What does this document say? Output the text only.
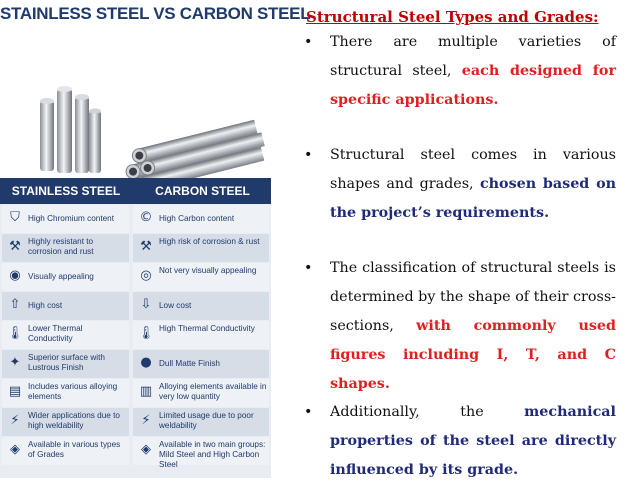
STAINLESS STEEL VS CARBON STEEL
STAINLESS STEEL	CARBON STEEL
⛉ High Chromium content	© High Carbon content
⚒ Highly resistant to corrosion and rust	⚒ High risk of corrosion & rust
◉ Visually appealing	◎ Not very visually appealing
⇧ High cost	⇩ Low cost
🌡 Lower Thermal Conductivity	🌡 High Thermal Conductivity
✦ Superior surface with Lustrous Finish	● Dull Matte Finish
▤ Includes various alloying elements	▥ Alloying elements available in very low quantity
⚡	Wider applications due to high weldability	⚡	Limited usage due to poor weldability
◈ Available in various types of Grades	◈ Available in two main groups: Mild Steel and High Carbon Steel
Structural Steel Types and Grades:
•	There are multiple varieties of structural steel, each designed for specific applications.
•	Structural steel comes in various shapes and grades, chosen based on the project’s requirements.
•	The classification of structural steels is determined by the shape of their cross-sections, with commonly used figures including I, T, and C shapes.
•	Additionally, the mechanical properties of the steel are directly influenced by its grade.
